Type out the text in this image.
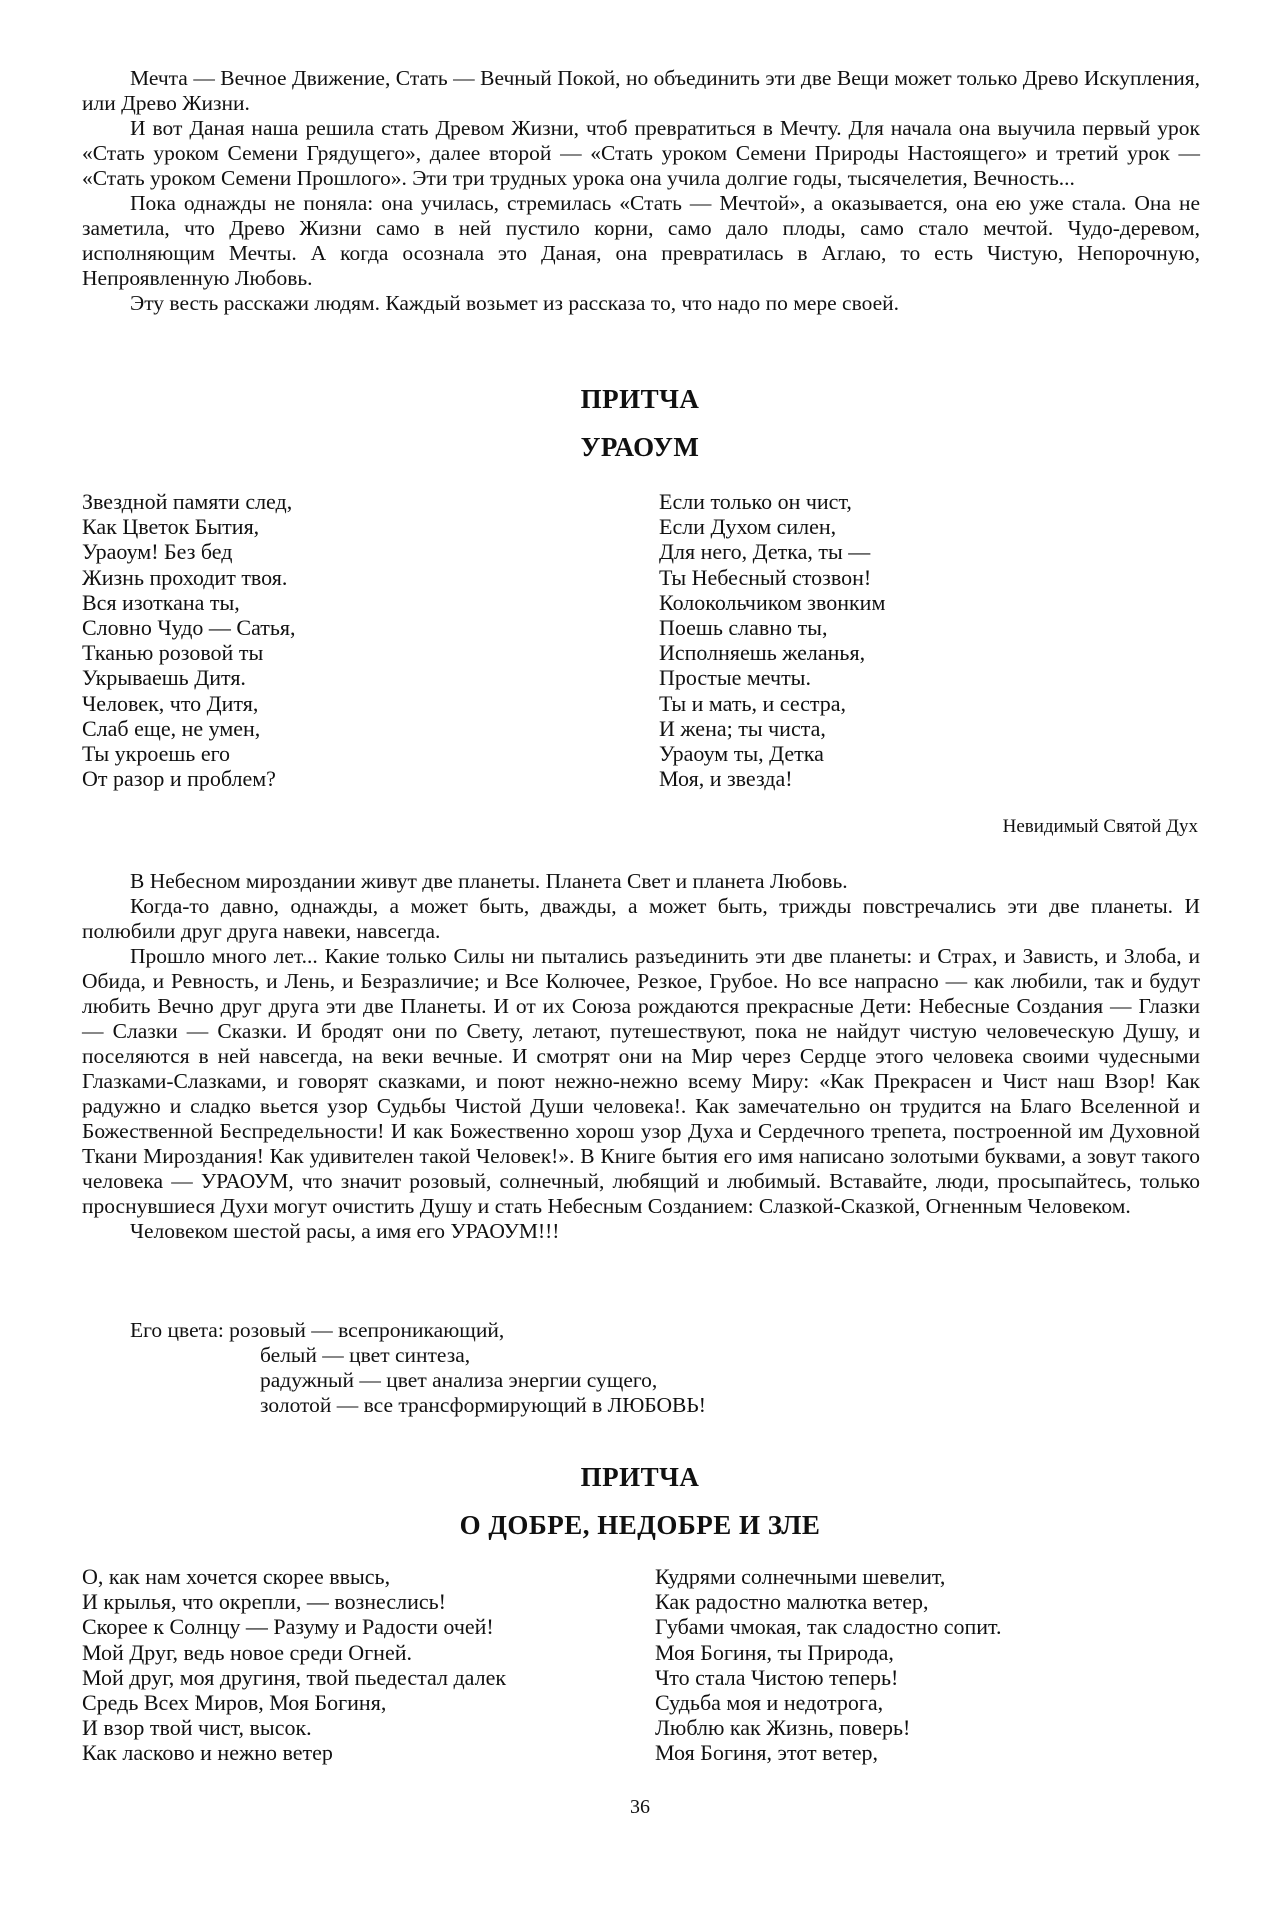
Мечта — Вечное Движение, Стать — Вечный Покой, но объединить эти две Вещи может только Древо Искупления, или Древо Жизни.

И вот Даная наша решила стать Древом Жизни, чтоб превратиться в Мечту. Для начала она выучила первый урок «Стать уроком Семени Грядущего», далее второй — «Стать уроком Семени Природы Настоящего» и третий урок — «Стать уроком Семени Прошлого». Эти три трудных урока она учила долгие годы, тысячелетия, Вечность...

Пока однажды не поняла: она училась, стремилась «Стать — Мечтой», а оказывается, она ею уже стала. Она не заметила, что Древо Жизни само в ней пустило корни, само дало плоды, само стало мечтой. Чудо-деревом, исполняющим Мечты. А когда осознала это Даная, она превратилась в Аглаю, то есть Чистую, Непорочную, Непроявленную Любовь.

Эту весть расскажи людям. Каждый возьмет из рассказа то, что надо по мере своей.

ПРИТЧА
УРАОУМ
Звездной памяти след,
Как Цветок Бытия,
Ураоум! Без бед
Жизнь проходит твоя.
Вся изоткана ты,
Словно Чудо — Сатья,
Тканью розовой ты
Укрываешь Дитя.
Человек, что Дитя,
Слаб еще, не умен,
Ты укроешь его
От разор и проблем?
Если только он чист,
Если Духом силен,
Для него, Детка, ты —
Ты Небесный стозвон!
Колокольчиком звонким
Поешь славно ты,
Исполняешь желанья,
Простые мечты.
Ты и мать, и сестра,
И жена; ты чиста,
Ураоум ты, Детка
Моя, и звезда!
Невидимый Святой Дух

В Небесном мироздании живут две планеты. Планета Свет и планета Любовь.

Когда-то давно, однажды, а может быть, дважды, а может быть, трижды повстречались эти две планеты. И полюбили друг друга навеки, навсегда.

Прошло много лет... Какие только Силы ни пытались разъединить эти две планеты: и Страх, и Зависть, и Злоба, и Обида, и Ревность, и Лень, и Безразличие; и Все Колючее, Резкое, Грубое. Но все напрасно — как любили, так и будут любить Вечно друг друга эти две Планеты. И от их Союза рождаются прекрасные Дети: Небесные Создания — Глазки — Слазки — Сказки. И бродят они по Свету, летают, путешествуют, пока не найдут чистую человеческую Душу, и поселяются в ней навсегда, на веки вечные. И смотрят они на Мир через Сердце этого человека своими чудесными Глазками-Слазками, и говорят сказками, и поют нежно-нежно всему Миру: «Как Прекрасен и Чист наш Взор! Как радужно и сладко вьется узор Судьбы Чистой Души человека!. Как замечательно он трудится на Благо Вселенной и Божественной Беспредельности! И как Божественно хорош узор Духа и Сердечного трепета, построенной им Духовной Ткани Мироздания! Как удивителен такой Человек!». В Книге бытия его имя написано золотыми буквами, а зовут такого человека — УРАОУМ, что значит розовый, солнечный, любящий и любимый. Вставайте, люди, просыпайтесь, только проснувшиеся Духи могут очистить Душу и стать Небесным Созданием: Слазкой-Сказкой, Огненным Человеком.

Человеком шестой расы, а имя его УРАОУМ!!!

Его цвета: розовый — всепроникающий,
белый — цвет синтеза,
радужный — цвет анализа энергии сущего,
золотой — все трансформирующий в ЛЮБОВЬ!
ПРИТЧА
О ДОБРЕ, НЕДОБРЕ И ЗЛЕ
О, как нам хочется скорее ввысь,
И крылья, что окрепли, — вознеслись!
Скорее к Солнцу — Разуму и Радости очей!
Мой Друг, ведь новое среди Огней.
Мой друг, моя другиня, твой пьедестал далек
Средь Всех Миров, Моя Богиня,
И взор твой чист, высок.
Как ласково и нежно ветер
Кудрями солнечными шевелит,
Как радостно малютка ветер,
Губами чмокая, так сладостно сопит.
Моя Богиня, ты Природа,
Что стала Чистою теперь!
Судьба моя и недотрога,
Люблю как Жизнь, поверь!
Моя Богиня, этот ветер,
36
